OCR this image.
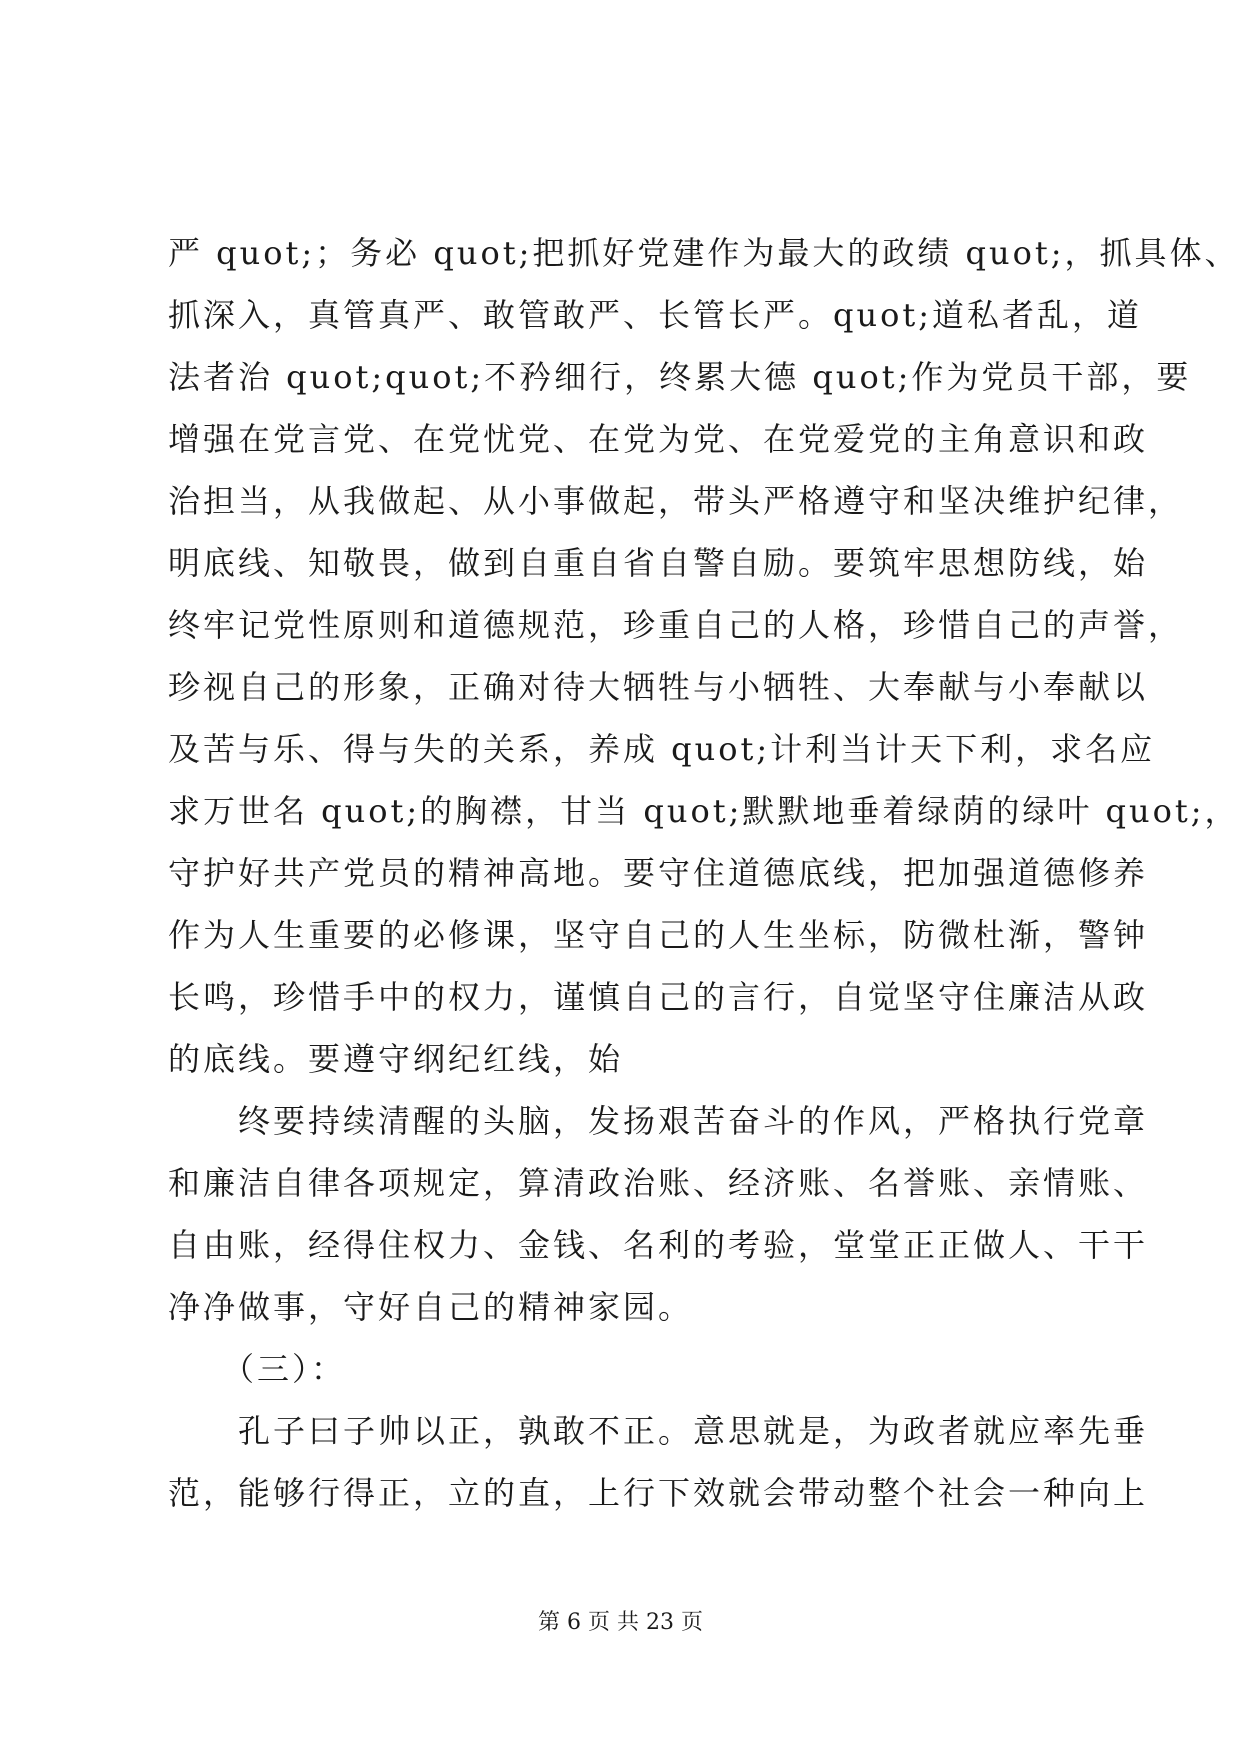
严 quot;；务必 quot;把抓好党建作为最大的政绩 quot;，抓具体、
抓深入，真管真严、敢管敢严、长管长严。quot;道私者乱，道
法者治 quot;quot;不矜细行，终累大德 quot;作为党员干部，要
增强在党言党、在党忧党、在党为党、在党爱党的主角意识和政
治担当，从我做起、从小事做起，带头严格遵守和坚决维护纪律，
明底线、知敬畏，做到自重自省自警自励。要筑牢思想防线，始
终牢记党性原则和道德规范，珍重自己的人格，珍惜自己的声誉，
珍视自己的形象，正确对待大牺牲与小牺牲、大奉献与小奉献以
及苦与乐、得与失的关系，养成 quot;计利当计天下利，求名应
求万世名 quot;的胸襟，甘当 quot;默默地垂着绿荫的绿叶 quot;，
守护好共产党员的精神高地。要守住道德底线，把加强道德修养
作为人生重要的必修课，坚守自己的人生坐标，防微杜渐，警钟
长鸣，珍惜手中的权力，谨慎自己的言行，自觉坚守住廉洁从政
的底线。要遵守纲纪红线，始
　　终要持续清醒的头脑，发扬艰苦奋斗的作风，严格执行党章
和廉洁自律各项规定，算清政治账、经济账、名誉账、亲情账、
自由账，经得住权力、金钱、名利的考验，堂堂正正做人、干干
净净做事，守好自己的精神家园。
　　（三）：
　　孔子曰子帅以正，孰敢不正。意思就是，为政者就应率先垂
范，能够行得正，立的直，上行下效就会带动整个社会一种向上
第 6 页 共 23 页
